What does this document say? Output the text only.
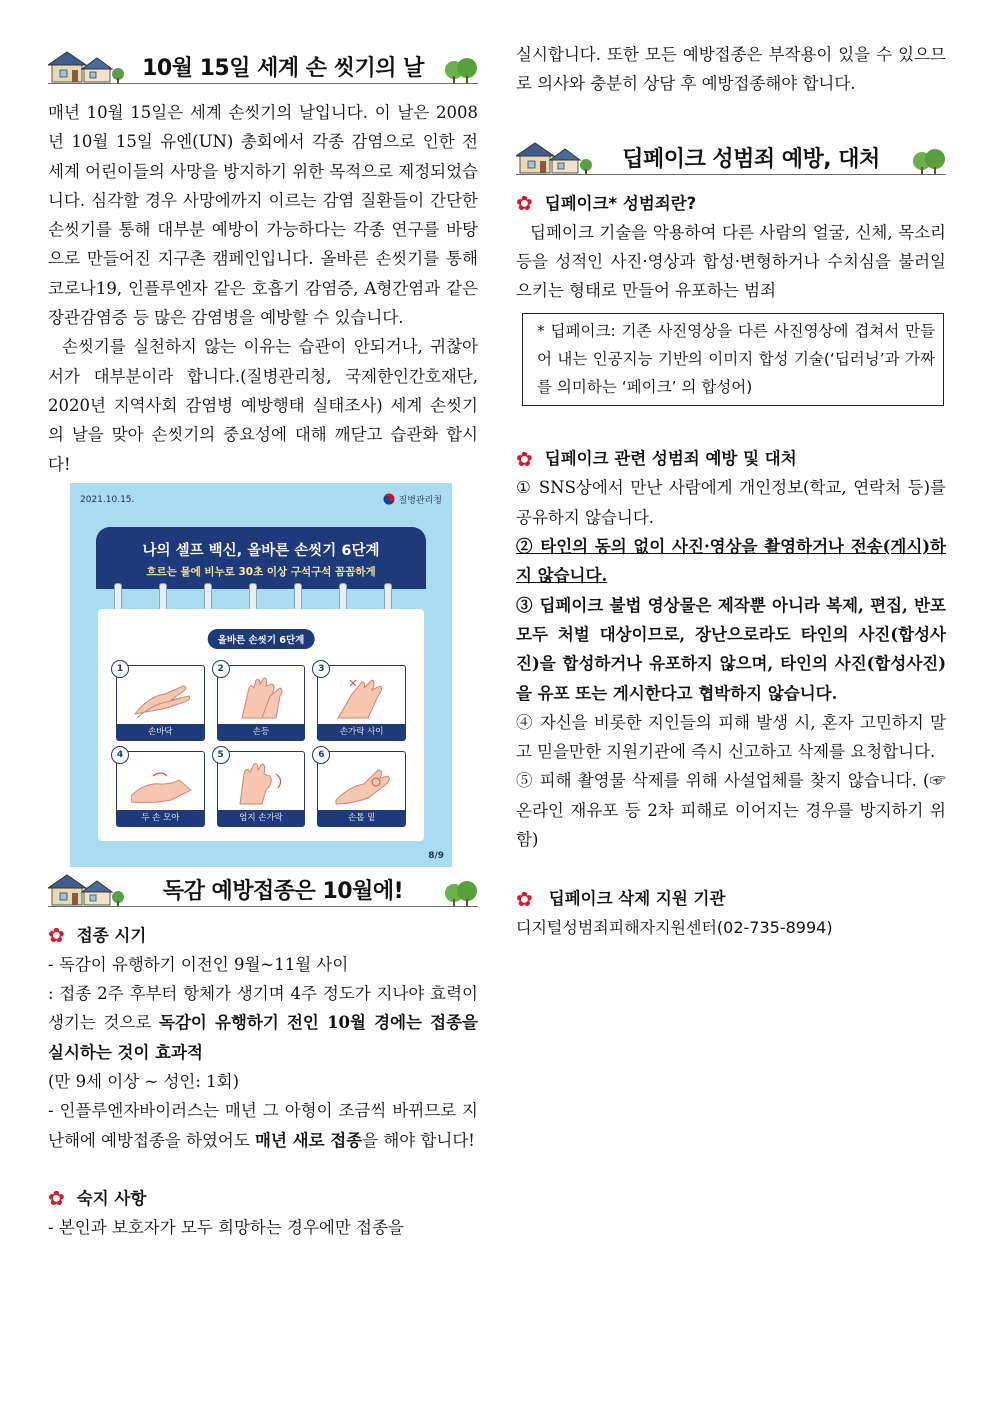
10월 15일 세계 손 씻기의 날

매년 10월 15일은 세계 손씻기의 날입니다. 이 날은 2008년 10월 15일 유엔(UN) 총회에서 각종 감염으로 인한 전 세계 어린이들의 사망을 방지하기 위한 목적으로 제정되었습니다. 심각할 경우 사망에까지 이르는 감염 질환들이 간단한 손씻기를 통해 대부분 예방이 가능하다는 각종 연구를 바탕으로 만들어진 지구촌 캠페인입니다. 올바른 손씻기를 통해 코로나19, 인플루엔자 같은 호흡기 감염증, A형간염과 같은 장관감염증 등 많은 감염병을 예방할 수 있습니다.

손씻기를 실천하지 않는 이유는 습관이 안되거나, 귀찮아서가 대부분이라 합니다.(질병관리청, 국제한인간호재단, 2020년 지역사회 감염병 예방행태 실태조사) 세계 손씻기의 날을 맞아 손씻기의 중요성에 대해 깨닫고 습관화 합시다!

2021.10.15.	질병관리청
나의 셀프 백신, 올바른 손씻기 6단계
흐르는 물에 비누로 30초 이상 구석구석 꼼꼼하게
올바른 손씻기 6단계
1
손바닥
2
손등
3
손가락 사이
4
두 손 모아
5
엄지 손가락
6
손톱 밑
8/9
독감 예방접종은 10월에!

✿ 접종 시기

- 독감이 유행하기 이전인 9월~11월 사이

: 접종 2주 후부터 항체가 생기며 4주 정도가 지나야 효력이 생기는 것으로 독감이 유행하기 전인 10월 경에는 접종을 실시하는 것이 효과적

(만 9세 이상 ~ 성인: 1회)

- 인플루엔자바이러스는 매년 그 아형이 조금씩 바뀌므로 지난해에 예방접종을 하였어도 매년 새로 접종을 해야 합니다!

✿ 숙지 사항

- 본인과 보호자가 모두 희망하는 경우에만 접종을

실시합니다. 또한 모든 예방접종은 부작용이 있을 수 있으므로 의사와 충분히 상담 후 예방접종해야 합니다.

딥페이크 성범죄 예방, 대처

✿ 딥페이크* 성범죄란?

딥페이크 기술을 악용하여 다른 사람의 얼굴, 신체, 목소리 등을 성적인 사진·영상과 합성·변형하거나 수치심을 불러일으키는 형태로 만들어 유포하는 범죄

* 딥페이크: 기존 사진영상을 다른 사진영상에 겹쳐서 만들어 내는 인공지능 기반의 이미지 합성 기술(‘딥러닝’과 가짜를 의미하는 ‘페이크’ 의 합성어)

✿ 딥페이크 관련 성범죄 예방 및 대처

① SNS상에서 만난 사람에게 개인정보(학교, 연락처 등)를 공유하지 않습니다.

② 타인의 동의 없이 사진·영상을 촬영하거나 전송(게시)하지 않습니다.

③ 딥페이크 불법 영상물은 제작뿐 아니라 복제, 편집, 반포 모두 처벌 대상이므로, 장난으로라도 타인의 사진(합성사진)을 합성하거나 유포하지 않으며, 타인의 사진(합성사진)을 유포 또는 게시한다고 협박하지 않습니다.

④ 자신을 비롯한 지인들의 피해 발생 시, 혼자 고민하지 말고 믿을만한 지원기관에 즉시 신고하고 삭제를 요청합니다.

⑤ 피해 촬영물 삭제를 위해 사설업체를 찾지 않습니다. (☞ 온라인 재유포 등 2차 피해로 이어지는 경우를 방지하기 위함)

✿ 딥페이크 삭제 지원 기관

디지털성범죄피해자지원센터(02-735-8994)
